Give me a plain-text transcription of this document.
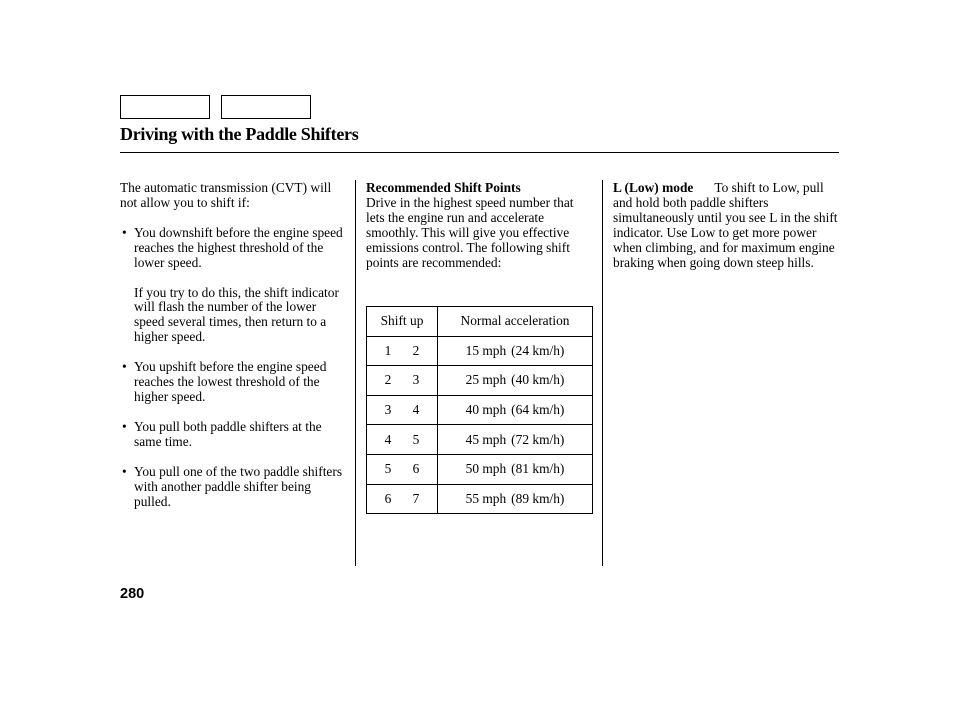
Driving with the Paddle Shifters

The automatic transmission (CVT) will not allow you to shift if:

• You downshift before the engine speed reaches the highest threshold of the lower speed.

If you try to do this, the shift indicator will flash the number of the lower speed several times, then return to a higher speed.

• You upshift before the engine speed reaches the lowest threshold of the higher speed.
• You pull both paddle shifters at the same time.
• You pull one of the two paddle shifters with another paddle shifter being pulled.

Recommended Shift Points

Drive in the highest speed number that lets the engine run and accelerate smoothly. This will give you effective emissions control. The following shift points are recommended:

Shift up	Normal acceleration
1 2	15 mph (24 km/h)
2 3	25 mph (40 km/h)
3 4	40 mph (64 km/h)
4 5	45 mph (72 km/h)
5 6	50 mph (81 km/h)
6 7	55 mph (89 km/h)

L (Low) mode To shift to Low, pull and hold both paddle shifters simultaneously until you see L in the shift indicator. Use Low to get more power when climbing, and for maximum engine braking when going down steep hills.

280
